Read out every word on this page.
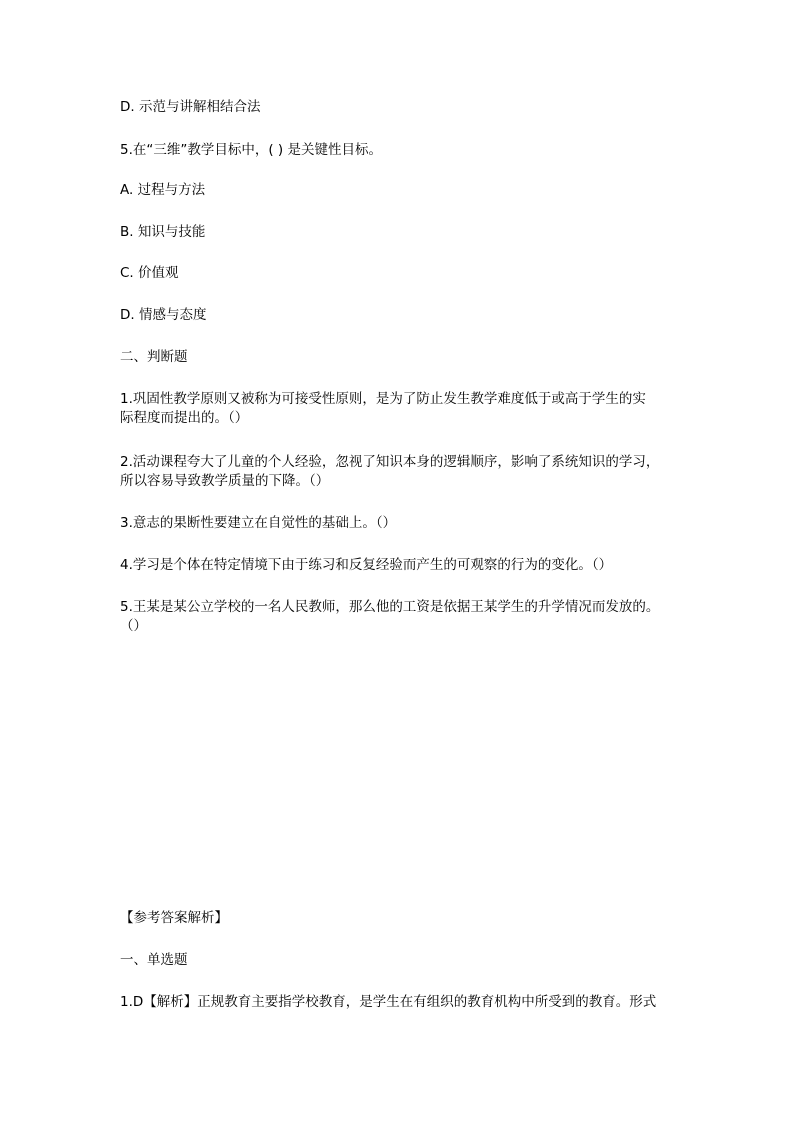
D. 示范与讲解相结合法
5.在“三维”教学目标中，( ) 是关键性目标。
A. 过程与方法
B. 知识与技能
C. 价值观
D. 情感与态度
二、判断题
1.巩固性教学原则又被称为可接受性原则，是为了防止发生教学难度低于或高于学生的实
际程度而提出的。（）
2.活动课程夸大了儿童的个人经验，忽视了知识本身的逻辑顺序，影响了系统知识的学习，
所以容易导致教学质量的下降。（）
3.意志的果断性要建立在自觉性的基础上。（）
4.学习是个体在特定情境下由于练习和反复经验而产生的可观察的行为的变化。（）
5.王某是某公立学校的一名人民教师，那么他的工资是依据王某学生的升学情况而发放的。
（）
【参考答案解析】
一、单选题
1.D【解析】正规教育主要指学校教育，是学生在有组织的教育机构中所受到的教育。形式
